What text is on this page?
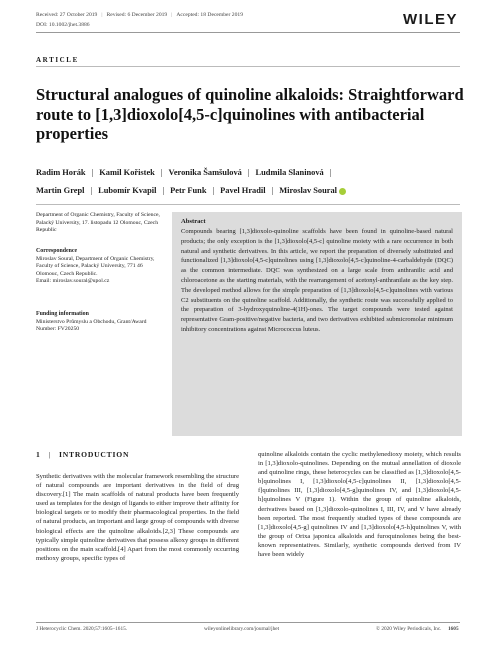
Received: 27 October 2019 | Revised: 6 December 2019 | Accepted: 18 December 2019
DOI: 10.1002/jhet.3886	WILEY
ARTICLE
Structural analogues of quinoline alkaloids: Straightforward route to [1,3]dioxolo[4,5-c]quinolines with antibacterial properties
Radim Horák | Kamil Kořistek | Veronika Šamšulová | Ludmila Slaninová |
Martin Grepl | Lubomír Kvapil | Petr Funk | Pavel Hradil | Miroslav Soural
Department of Organic Chemistry, Faculty of Science, Palacký University, 17. listopadu 12 Olomouc, Czech Republic
Correspondence
Miroslav Soural, Department of Organic Chemistry, Faculty of Science, Palacký University, 771 46 Olomouc, Czech Republic.
Email: miroslav.soural@upol.cz
Funding information
Ministerstvo Průmyslu a Obchodu, Grant/Award Number: FV20250
Abstract
Compounds bearing [1,3]dioxolo-quinoline scaffolds have been found in quinoline-based natural products; the only exception is the [1,3]dioxolo[4,5-c] quinoline moiety with a rare occurrence in both natural and synthetic derivatives. In this article, we report the preparation of diversely substituted and functionalized [1,3]dioxolo[4,5-c]quinolines using [1,3]dioxolo[4,5-c]quinoline-4-carbaldehyde (DQC) as the common intermediate. DQC was synthesized on a large scale from anthranilic acid and chloroacetone as the starting materials, with the rearrangement of acetonyl-anthranilate as the key step. The developed method allows for the simple preparation of [1,3]dioxolo[4,5-c]quinolines with various C2 substituents on the quinoline scaffold. Additionally, the synthetic route was successfully applied to the preparation of 3-hydroxyquinoline-4(1H)-ones. The target compounds were tested against representative Gram-positive/negative bacteria, and two derivatives exhibited submicromolar minimum inhibitory concentrations against Micrococcus luteus.
1 | INTRODUCTION
Synthetic derivatives with the molecular framework resembling the structure of natural compounds are important derivatives in the field of drug discovery.[1] The main scaffolds of natural products have been frequently used as templates for the design of ligands to either improve their affinity for biological targets or to modify their pharmacological properties. In the field of natural products, an important and large group of compounds with diverse biological effects are the quinoline alkaloids.[2,3] These compounds are typically simple quinoline derivatives that possess alkoxy groups in different positions on the main scaffold.[4] Apart from the most commonly occurring methoxy groups, specific types of
quinoline alkaloids contain the cyclic methylenedioxy moiety, which results in [1,3]dioxolo-quinolines. Depending on the mutual annellation of dioxole and quinoline rings, these heterocycles can be classified as [1,3]dioxolo[4,5-b]quinolines I, [1,3]dioxolo[4,5-c]quinolines II, [1,3]dioxolo[4,5-f]quinolines III, [1,3]dioxolo[4,5-g]quinolines IV, and [1,3]dioxolo[4,5-h]quinolines V (Figure 1). Within the group of quinoline alkaloids, derivatives based on [1,3]dioxolo-quinolines I, III, IV, and V have already been reported. The most frequently studied types of these compounds are [1,3]dioxolo[4,5-g] quinolines IV and [1,3]dioxolo[4,5-h]quinolines V, with the group of Orixa japonica alkaloids and furoquinolones being the best-known representatives. Similarly, synthetic compounds derived from IV have been widely
J Heterocyclic Chem. 2020;57:1605–1615.	wileyonlinelibrary.com/journal/jhet	© 2020 Wiley Periodicals, Inc. 1605
